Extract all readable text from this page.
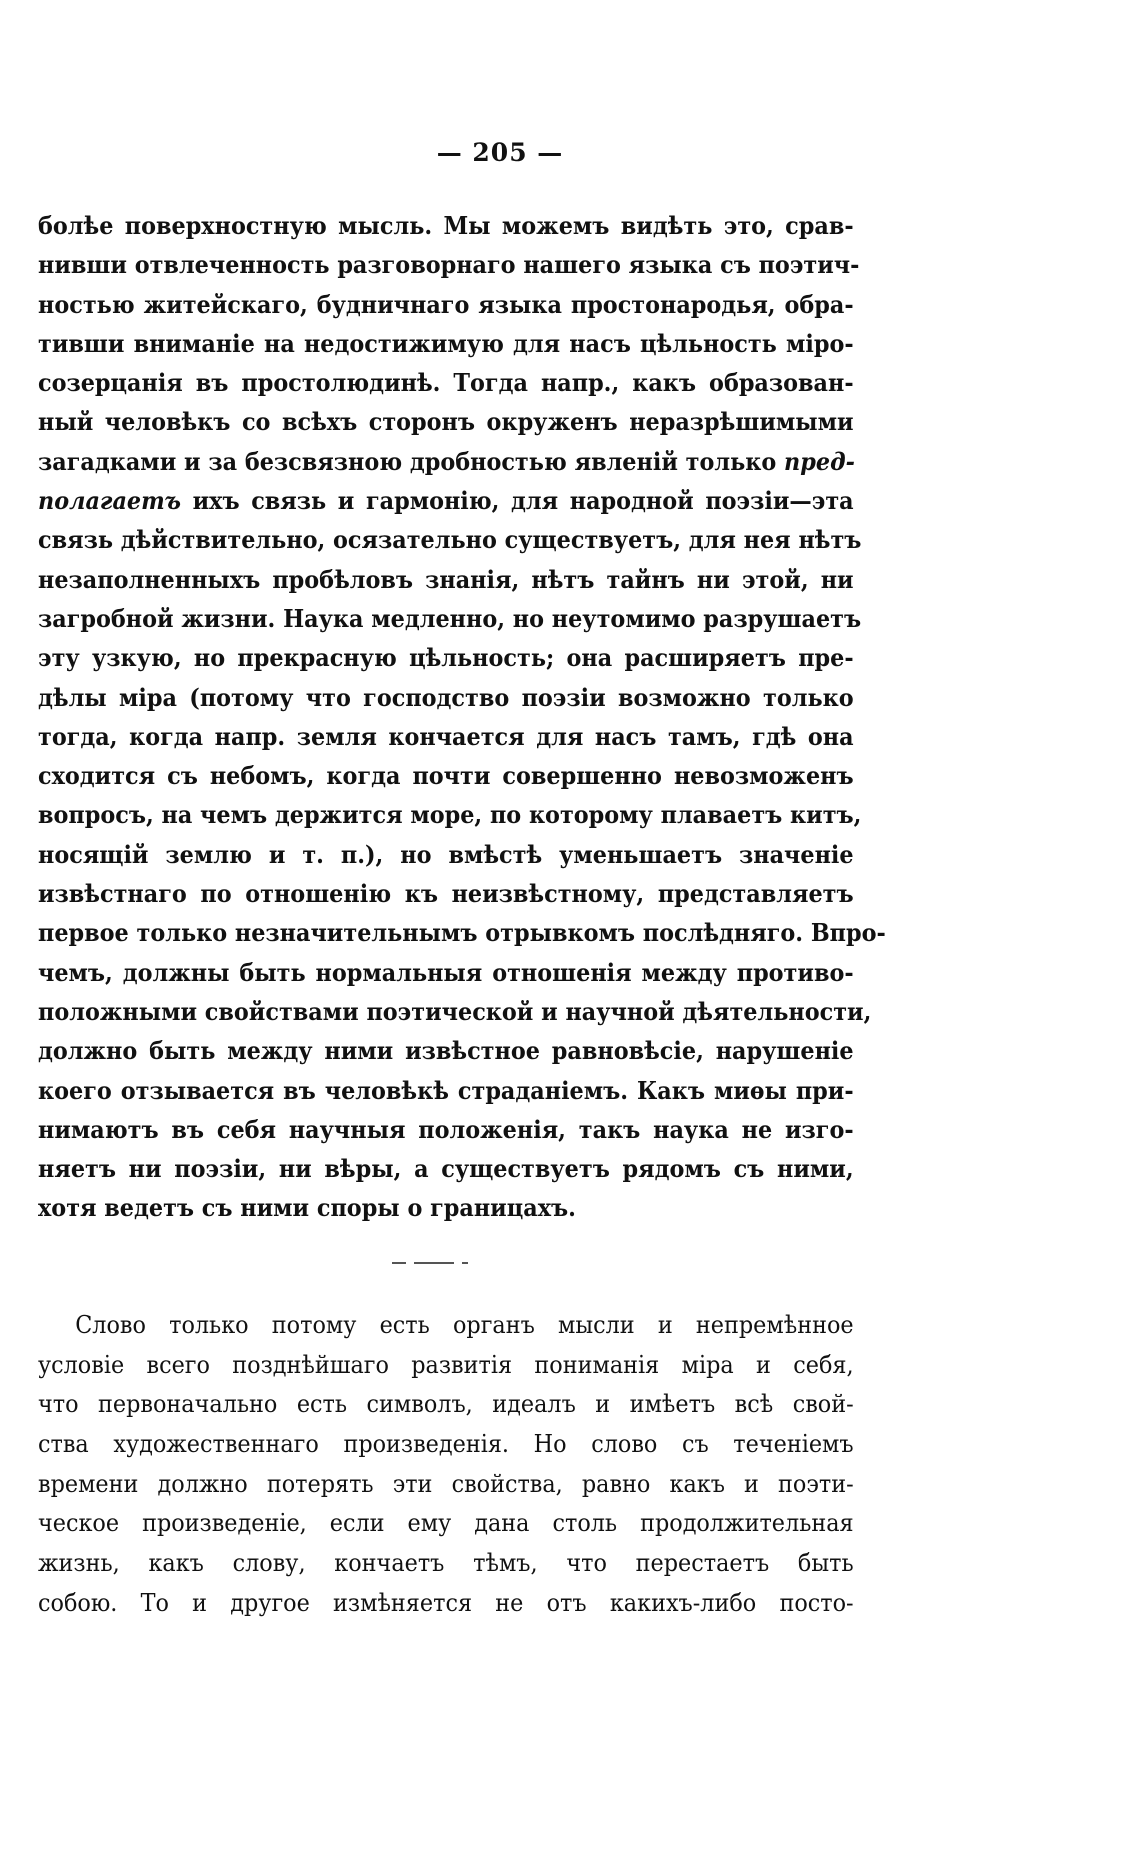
— 205 —
болѣе поверхностную мысль. Мы можемъ видѣть это, срав-
нивши отвлеченность разговорнаго нашего языка съ поэтич-
ностью житейскаго, будничнаго языка простонародья, обра-
тивши вниманіе на недостижимую для насъ цѣльность міро-
созерцанія въ простолюдинѣ. Тогда напр., какъ образован-
ный человѣкъ со всѣхъ сторонъ окруженъ неразрѣшимыми
загадками и за безсвязною дробностью явленій только пред-
полагаетъ ихъ связь и гармонію, для народной поэзіи—эта
связь дѣйствительно, осязательно существуетъ, для нея нѣтъ
незаполненныхъ пробѣловъ знанія, нѣтъ тайнъ ни этой, ни
загробной жизни. Наука медленно, но неутомимо разрушаетъ
эту узкую, но прекрасную цѣльность; она расширяетъ пре-
дѣлы міра (потому что господство поэзіи возможно только
тогда, когда напр. земля кончается для насъ тамъ, гдѣ она
сходится съ небомъ, когда почти совершенно невозможенъ
вопросъ, на чемъ держится море, по которому плаваетъ китъ,
носящій землю и т. п.), но вмѣстѣ уменьшаетъ значеніе
извѣстнаго по отношенію къ неизвѣстному, представляетъ
первое только незначительнымъ отрывкомъ послѣдняго. Впро-
чемъ, должны быть нормальныя отношенія между противо-
положными свойствами поэтической и научной дѣятельности,
должно быть между ними извѣстное равновѣсіе, нарушеніе
коего отзывается въ человѣкѣ страданіемъ. Какъ миѳы при-
нимаютъ въ себя научныя положенія, такъ наука не изго-
няетъ ни поэзіи, ни вѣры, а существуетъ рядомъ съ ними,
хотя ведетъ съ ними споры о границахъ.
Слово только потому есть органъ мысли и непремѣнное
условіе всего позднѣйшаго развитія пониманія міра и себя,
что первоначально есть символъ, идеалъ и имѣетъ всѣ свой-
ства художественнаго произведенія. Но слово съ теченіемъ
времени должно потерять эти свойства, равно какъ и поэти-
ческое произведеніе, если ему дана столь продолжительная
жизнь, какъ слову, кончаетъ тѣмъ, что перестаетъ быть
собою. То и другое измѣняется не отъ какихъ-либо посто-
